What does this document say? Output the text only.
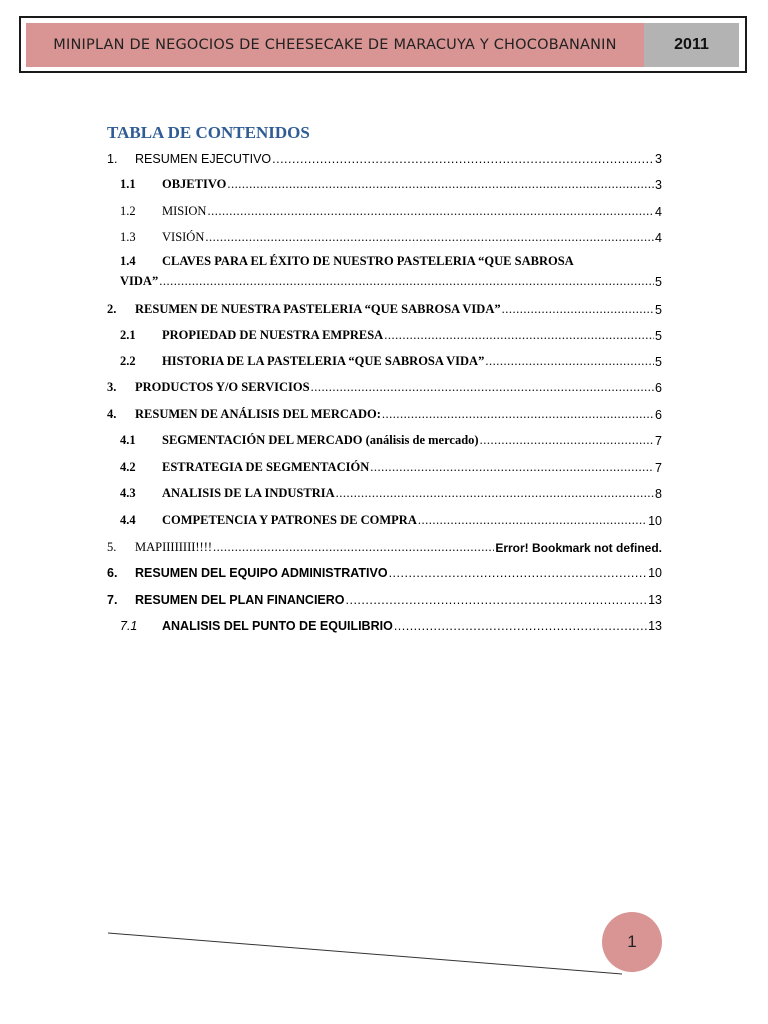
MINIPLAN DE NEGOCIOS DE CHEESECAKE DE MARACUYA Y CHOCOBANANIN	2011
TABLA DE CONTENIDOS
1.	RESUMEN EJECUTIVO .....	3
1.1	OBJETIVO .....	3
1.2	MISION .....	4
1.3	VISIÓN .....	4
1.4	CLAVES PARA EL ÉXITO DE NUESTRO PASTELERIA “QUE SABROSA
VIDA” .....	5
2.	RESUMEN DE NUESTRA PASTELERIA “QUE SABROSA VIDA” .....	5
2.1	PROPIEDAD DE NUESTRA EMPRESA .....	5
2.2	HISTORIA DE LA PASTELERIA “QUE SABROSA VIDA” .....	5
3.	PRODUCTOS Y/O SERVICIOS .....	6
4.	RESUMEN DE ANÁLISIS DEL MERCADO: .....	6
4.1	SEGMENTACIÓN DEL MERCADO (análisis de mercado) .....	7
4.2	ESTRATEGIA DE SEGMENTACIÓN .....	7
4.3	ANALISIS DE LA INDUSTRIA .....	8
4.4	COMPETENCIA Y PATRONES DE COMPRA .....	10
5.	MAPIIIIIIII!!!! .....	Error! Bookmark not defined.
6.	RESUMEN DEL EQUIPO ADMINISTRATIVO .....	10
7.	RESUMEN DEL PLAN FINANCIERO .....	13
7.1	ANALISIS DEL PUNTO DE EQUILIBRIO .....	13
1
